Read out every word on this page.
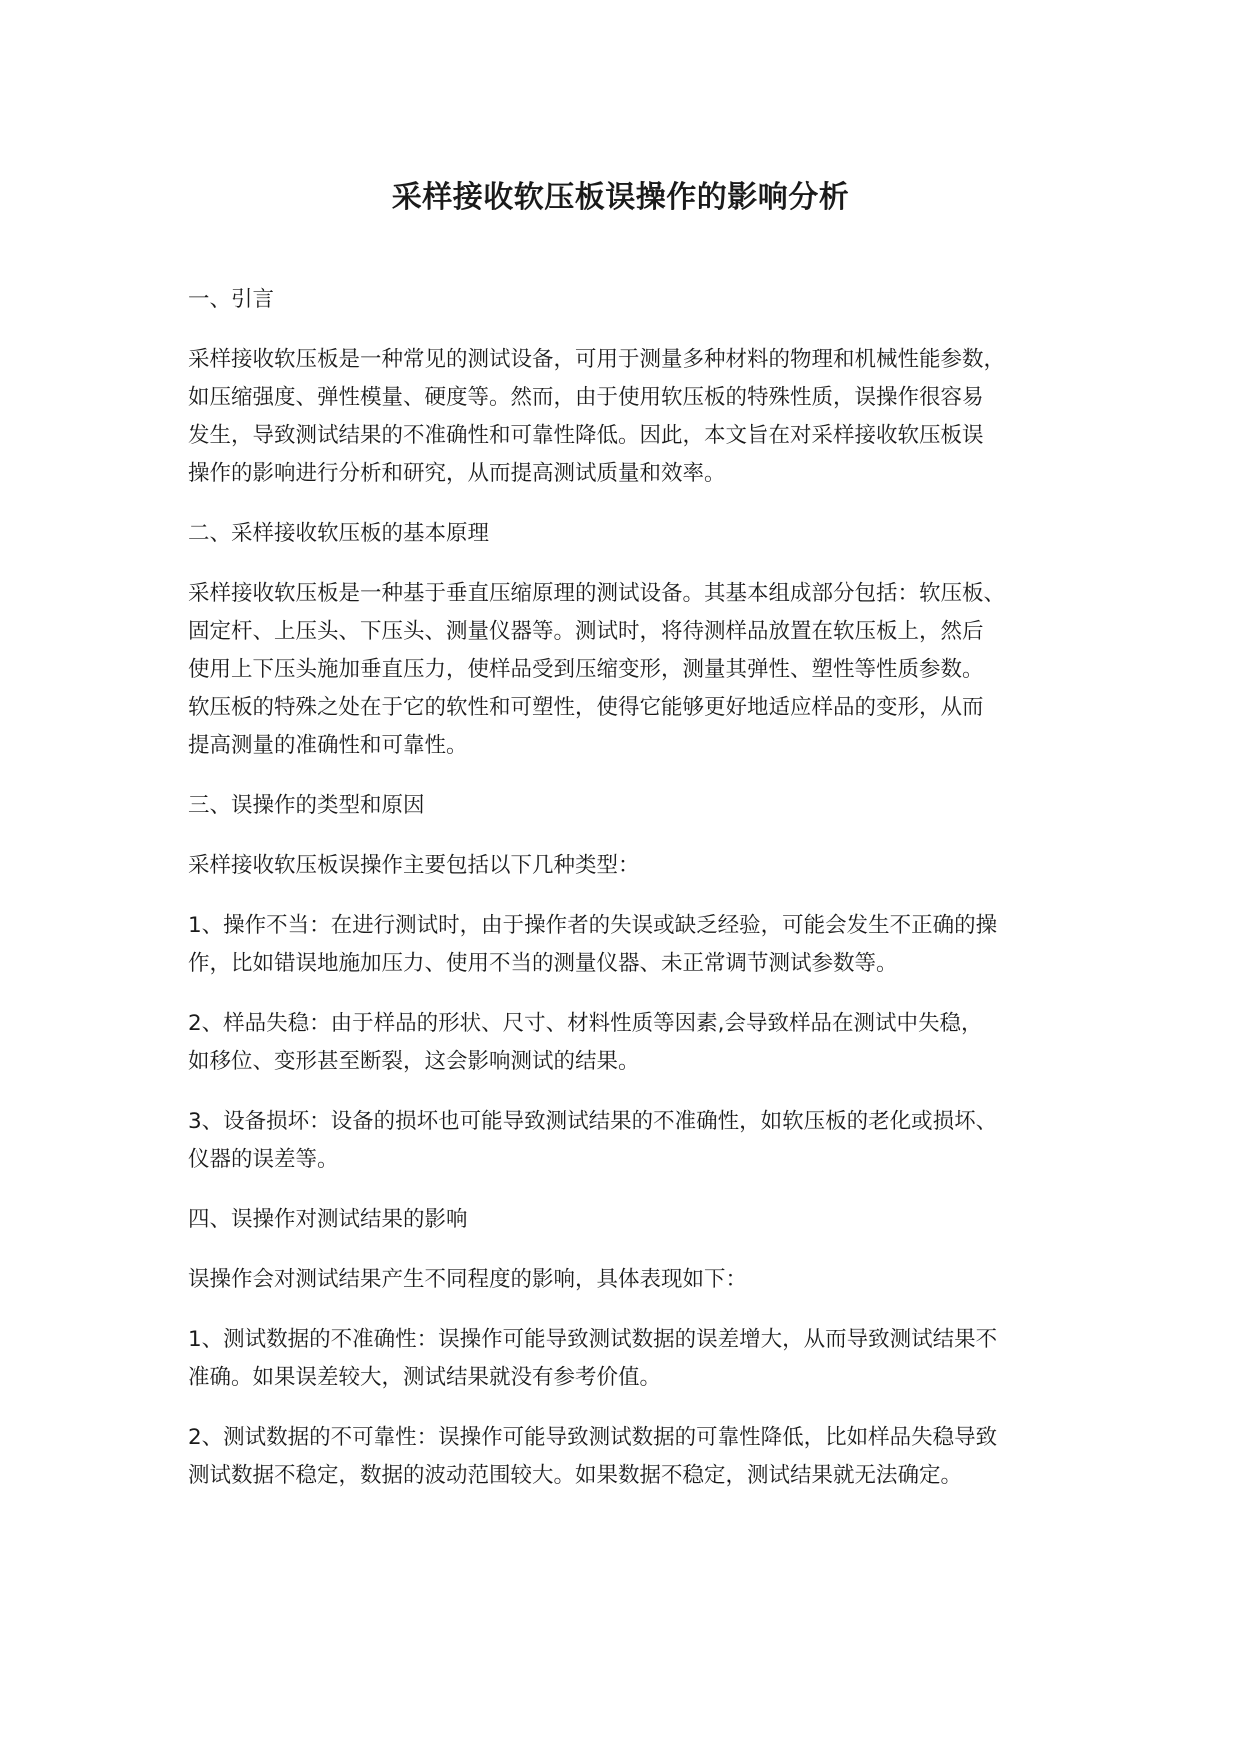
采样接收软压板误操作的影响分析

一、引言

采样接收软压板是一种常见的测试设备，可用于测量多种材料的物理和机械性能参数，
如压缩强度、弹性模量、硬度等。然而，由于使用软压板的特殊性质，误操作很容易
发生，导致测试结果的不准确性和可靠性降低。因此，本文旨在对采样接收软压板误
操作的影响进行分析和研究，从而提高测试质量和效率。

二、采样接收软压板的基本原理

采样接收软压板是一种基于垂直压缩原理的测试设备。其基本组成部分包括：软压板、
固定杆、上压头、下压头、测量仪器等。测试时，将待测样品放置在软压板上，然后
使用上下压头施加垂直压力，使样品受到压缩变形，测量其弹性、塑性等性质参数。
软压板的特殊之处在于它的软性和可塑性，使得它能够更好地适应样品的变形，从而
提高测量的准确性和可靠性。

三、误操作的类型和原因

采样接收软压板误操作主要包括以下几种类型：

1、操作不当：在进行测试时，由于操作者的失误或缺乏经验，可能会发生不正确的操
作，比如错误地施加压力、使用不当的测量仪器、未正常调节测试参数等。

2、样品失稳：由于样品的形状、尺寸、材料性质等因素,会导致样品在测试中失稳，
如移位、变形甚至断裂，这会影响测试的结果。

3、设备损坏：设备的损坏也可能导致测试结果的不准确性，如软压板的老化或损坏、
仪器的误差等。

四、误操作对测试结果的影响

误操作会对测试结果产生不同程度的影响，具体表现如下：

1、测试数据的不准确性：误操作可能导致测试数据的误差增大，从而导致测试结果不
准确。如果误差较大，测试结果就没有参考价值。

2、测试数据的不可靠性：误操作可能导致测试数据的可靠性降低，比如样品失稳导致
测试数据不稳定，数据的波动范围较大。如果数据不稳定，测试结果就无法确定。
